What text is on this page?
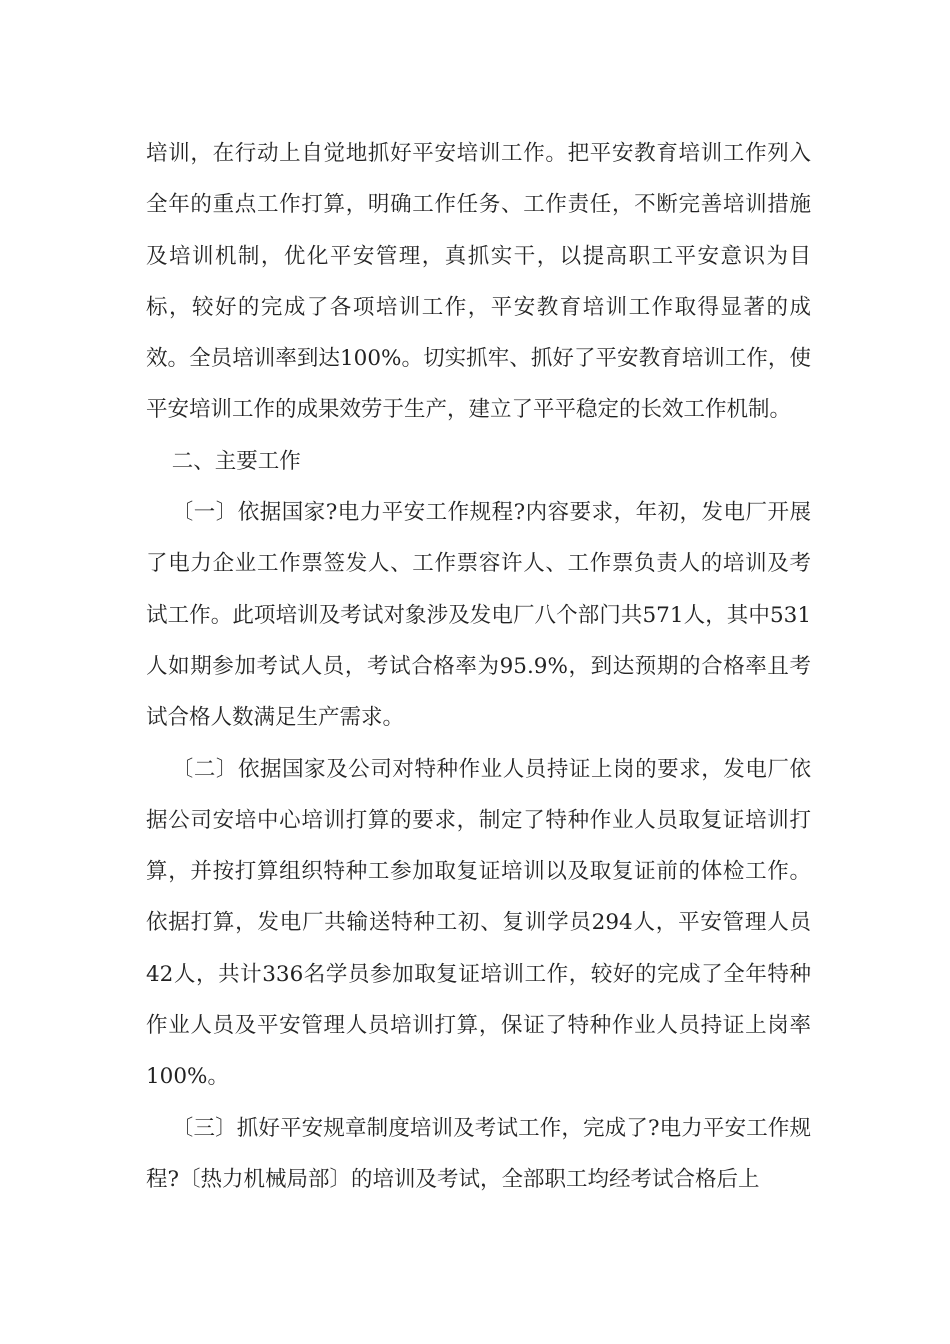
培训，在行动上自觉地抓好平安培训工作。把平安教育培训工作列入全年的重点工作打算，明确工作任务、工作责任，不断完善培训措施及培训机制，优化平安管理，真抓实干，以提高职工平安意识为目标，较好的完成了各项培训工作，平安教育培训工作取得显著的成效。全员培训率到达100%。切实抓牢、抓好了平安教育培训工作，使平安培训工作的成果效劳于生产，建立了平平稳定的长效工作机制。

二、主要工作

〔一〕依据国家?电力平安工作规程?内容要求，年初，发电厂开展了电力企业工作票签发人、工作票容许人、工作票负责人的培训及考试工作。此项培训及考试对象涉及发电厂八个部门共571人，其中531人如期参加考试人员，考试合格率为95.9%，到达预期的合格率且考试合格人数满足生产需求。

〔二〕依据国家及公司对特种作业人员持证上岗的要求，发电厂依据公司安培中心培训打算的要求，制定了特种作业人员取复证培训打算，并按打算组织特种工参加取复证培训以及取复证前的体检工作。依据打算，发电厂共输送特种工初、复训学员294人，平安管理人员42人，共计336名学员参加取复证培训工作，较好的完成了全年特种作业人员及平安管理人员培训打算，保证了特种作业人员持证上岗率100%。

〔三〕抓好平安规章制度培训及考试工作，完成了?电力平安工作规程?〔热力机械局部〕的培训及考试，全部职工均经考试合格后上
